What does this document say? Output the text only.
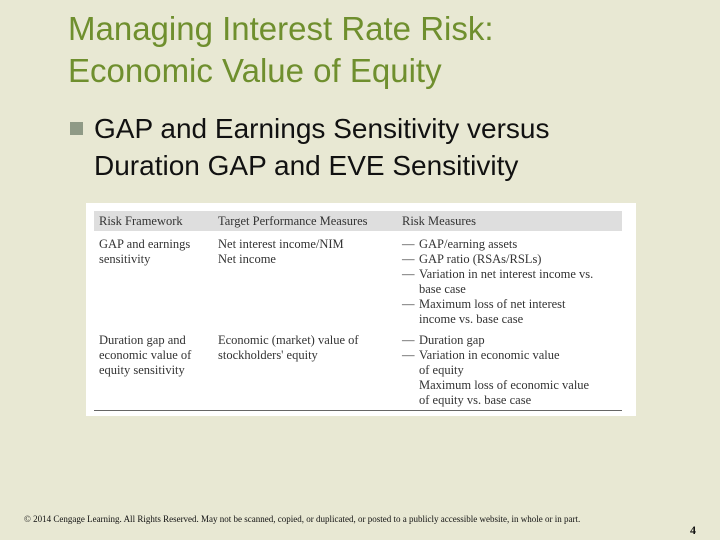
Managing Interest Rate Risk:
Economic Value of Equity
GAP and Earnings Sensitivity versus
Duration GAP and EVE Sensitivity
Risk Framework	Target Performance Measures	Risk Measures
GAP and earnings
sensitivity
Net interest income/NIM
Net income
— GAP/earning assets
— GAP ratio (RSAs/RSLs)
— Variation in net interest income vs.
base case
— Maximum loss of net interest
income vs. base case
Duration gap and
economic value of
equity sensitivity
Economic (market) value of
stockholders' equity
— Duration gap
— Variation in economic value
of equity
Maximum loss of economic value
of equity vs. base case
© 2014 Cengage Learning. All Rights Reserved. May not be scanned, copied, or duplicated, or posted to a publicly accessible website, in whole or in part.
4
